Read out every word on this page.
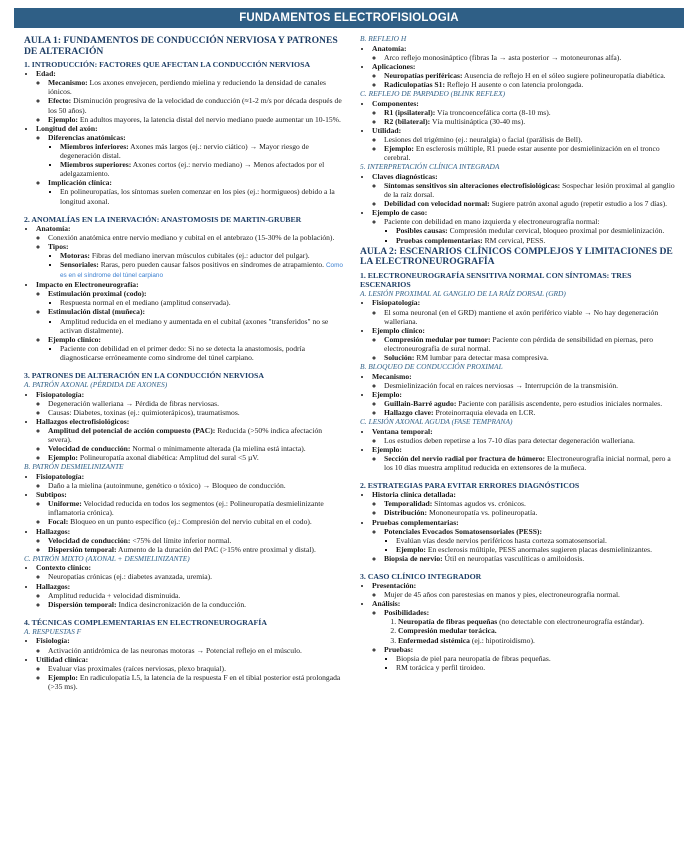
FUNDAMENTOS ELECTROFISIOLOGIA
AULA 1: FUNDAMENTOS DE CONDUCCIÓN NERVIOSA Y PATRONES DE ALTERACIÓN
1. INTRODUCCIÓN: FACTORES QUE AFECTAN LA CONDUCCIÓN NERVIOSA
• Edad:
◦ Mecanismo: Los axones envejecen, perdiendo mielina y reduciendo la densidad de canales iónicos.
◦ Efecto: Disminución progresiva de la velocidad de conducción (≈1-2 m/s por década después de los 50 años).
◦ Ejemplo: En adultos mayores, la latencia distal del nervio mediano puede aumentar un 10-15%.
• Longitud del axón:
◦ Diferencias anatómicas:
▪ Miembros inferiores: Axones más largos (ej.: nervio ciático) → Mayor riesgo de degeneración distal.
▪ Miembros superiores: Axones cortos (ej.: nervio mediano) → Menos afectados por el adelgazamiento.
◦ Implicación clínica:
▪ En polineuropatías, los síntomas suelen comenzar en los pies (ej.: hormigueos) debido a la longitud axonal.
2. ANOMALÍAS EN LA INERVACIÓN: ANASTOMOSIS DE MARTIN-GRUBER
• Anatomía:
◦ Conexión anatómica entre nervio mediano y cubital en el antebrazo (15-30% de la población).
◦ Tipos:
▪ Motoras: Fibras del mediano inervan músculos cubitales (ej.: aductor del pulgar).
▪ Sensoriales: Raras, pero pueden causar falsos positivos en síndromes de atrapamiento. Como es en el síndrome del túnel carpiano
• Impacto en Electroneurografía:
◦ Estimulación proximal (codo):
▪ Respuesta normal en el mediano (amplitud conservada).
◦ Estimulación distal (muñeca):
▪ Amplitud reducida en el mediano y aumentada en el cubital (axones "transferidos" no se activan distalmente).
◦ Ejemplo clínico:
▪ Paciente con debilidad en el primer dedo: Si no se detecta la anastomosis, podría diagnosticarse erróneamente como síndrome del túnel carpiano.
3. PATRONES DE ALTERACIÓN EN LA CONDUCCIÓN NERVIOSA
A. PATRÓN AXONAL (PÉRDIDA DE AXONES)
• Fisiopatología:
◦ Degeneración walleriana → Pérdida de fibras nerviosas.
◦ Causas: Diabetes, toxinas (ej.: quimioterápicos), traumatismos.
• Hallazgos electrofisiológicos:
◦ Amplitud del potencial de acción compuesto (PAC): Reducida (>50% indica afectación severa).
◦ Velocidad de conducción: Normal o mínimamente alterada (la mielina está intacta).
◦ Ejemplo: Polineuropatía axonal diabética: Amplitud del sural <5 µV.
B. PATRÓN DESMIELINIZANTE
• Fisiopatología:
◦ Daño a la mielina (autoinmune, genético o tóxico) → Bloqueo de conducción.
• Subtipos:
◦ Uniforme: Velocidad reducida en todos los segmentos (ej.: Polineuropatía desmielinizante inflamatoria crónica).
◦ Focal: Bloqueo en un punto específico (ej.: Compresión del nervio cubital en el codo).
• Hallazgos:
◦ Velocidad de conducción: <75% del límite inferior normal.
◦ Dispersión temporal: Aumento de la duración del PAC (>15% entre proximal y distal).
C. PATRÓN MIXTO (AXONAL + DESMIELINIZANTE)
• Contexto clínico:
◦ Neuropatías crónicas (ej.: diabetes avanzada, uremia).
• Hallazgos:
◦ Amplitud reducida + velocidad disminuida.
◦ Dispersión temporal: Indica desincronización de la conducción.
4. TÉCNICAS COMPLEMENTARIAS EN ELECTRONEUROGRAFÍA
A. RESPUESTAS F
• Fisiología:
◦ Activación antidrómica de las neuronas motoras → Potencial reflejo en el músculo.
• Utilidad clínica:
◦ Evaluar vías proximales (raíces nerviosas, plexo braquial).
◦ Ejemplo: En radiculopatía L5, la latencia de la respuesta F en el tibial posterior está prolongada (>35 ms).
B. REFLEJO H
• Anatomía:
◦ Arco reflejo monosináptico (fibras Ia → asta posterior → motoneuronas alfa).
• Aplicaciones:
◦ Neuropatías periféricas: Ausencia de reflejo H en el sóleo sugiere polineuropatía diabética.
◦ Radiculopatías S1: Reflejo H ausente o con latencia prolongada.
C. REFLEJO DE PARPADEO (BLINK REFLEX)
• Componentes:
◦ R1 (ipsilateral): Vía troncoencefálica corta (8-10 ms).
◦ R2 (bilateral): Vía multisináptica (30-40 ms).
• Utilidad:
◦ Lesiones del trigémino (ej.: neuralgia) o facial (parálisis de Bell).
◦ Ejemplo: En esclerosis múltiple, R1 puede estar ausente por desmielinización en el tronco cerebral.
5. INTERPRETACIÓN CLÍNICA INTEGRADA
• Claves diagnósticas:
◦ Síntomas sensitivos sin alteraciones electrofisiológicas: Sospechar lesión proximal al ganglio de la raíz dorsal.
◦ Debilidad con velocidad normal: Sugiere patrón axonal agudo (repetir estudio a los 7 días).
• Ejemplo de caso:
◦ Paciente con debilidad en mano izquierda y electroneurografía normal:
▪ Posibles causas: Compresión medular cervical, bloqueo proximal por desmielinización.
▪ Pruebas complementarias: RM cervical, PESS.
AULA 2: ESCENARIOS CLÍNICOS COMPLEJOS Y LIMITACIONES DE LA ELECTRONEUROGRAFÍA
1. ELECTRONEUROGRAFÍA SENSITIVA NORMAL CON SÍNTOMAS: TRES ESCENARIOS
A. LESIÓN PROXIMAL AL GANGLIO DE LA RAÍZ DORSAL (GRD)
• Fisiopatología:
◦ El soma neuronal (en el GRD) mantiene el axón periférico viable → No hay degeneración walleriana.
• Ejemplo clínico:
◦ Compresión medular por tumor: Paciente con pérdida de sensibilidad en piernas, pero electroneurografía de sural normal.
◦ Solución: RM lumbar para detectar masa compresiva.
B. BLOQUEO DE CONDUCCIÓN PROXIMAL
• Mecanismo:
◦ Desmielinización focal en raíces nerviosas → Interrupción de la transmisión.
• Ejemplo:
◦ Guillain-Barré agudo: Paciente con parálisis ascendente, pero estudios iniciales normales.
◦ Hallazgo clave: Proteinorraquia elevada en LCR.
C. LESIÓN AXONAL AGUDA (FASE TEMPRANA)
• Ventana temporal:
◦ Los estudios deben repetirse a los 7-10 días para detectar degeneración walleriana.
• Ejemplo:
◦ Sección del nervio radial por fractura de húmero: Electroneurografía inicial normal, pero a los 10 días muestra amplitud reducida en extensores de la muñeca.
2. ESTRATEGIAS PARA EVITAR ERRORES DIAGNÓSTICOS
• Historia clínica detallada:
◦ Temporalidad: Síntomas agudos vs. crónicos.
◦ Distribución: Mononeuropatía vs. polineuropatía.
• Pruebas complementarias:
◦ Potenciales Evocados Somatosensoriales (PESS):
▪ Evalúan vías desde nervios periféricos hasta corteza somatosensorial.
▪ Ejemplo: En esclerosis múltiple, PESS anormales sugieren placas desmielinizantes.
◦ Biopsia de nervio: Útil en neuropatías vasculíticas o amiloidosis.
3. CASO CLÍNICO INTEGRADOR
• Presentación:
◦ Mujer de 45 años con parestesias en manos y pies, electroneurografía normal.
• Análisis:
◦ Posibilidades:
1. Neuropatía de fibras pequeñas (no detectable con electroneurografía estándar).
2. Compresión medular torácica.
3. Enfermedad sistémica (ej.: hipotiroidismo).
◦ Pruebas:
▪ Biopsia de piel para neuropatía de fibras pequeñas.
▪ RM torácica y perfil tiroideo.
